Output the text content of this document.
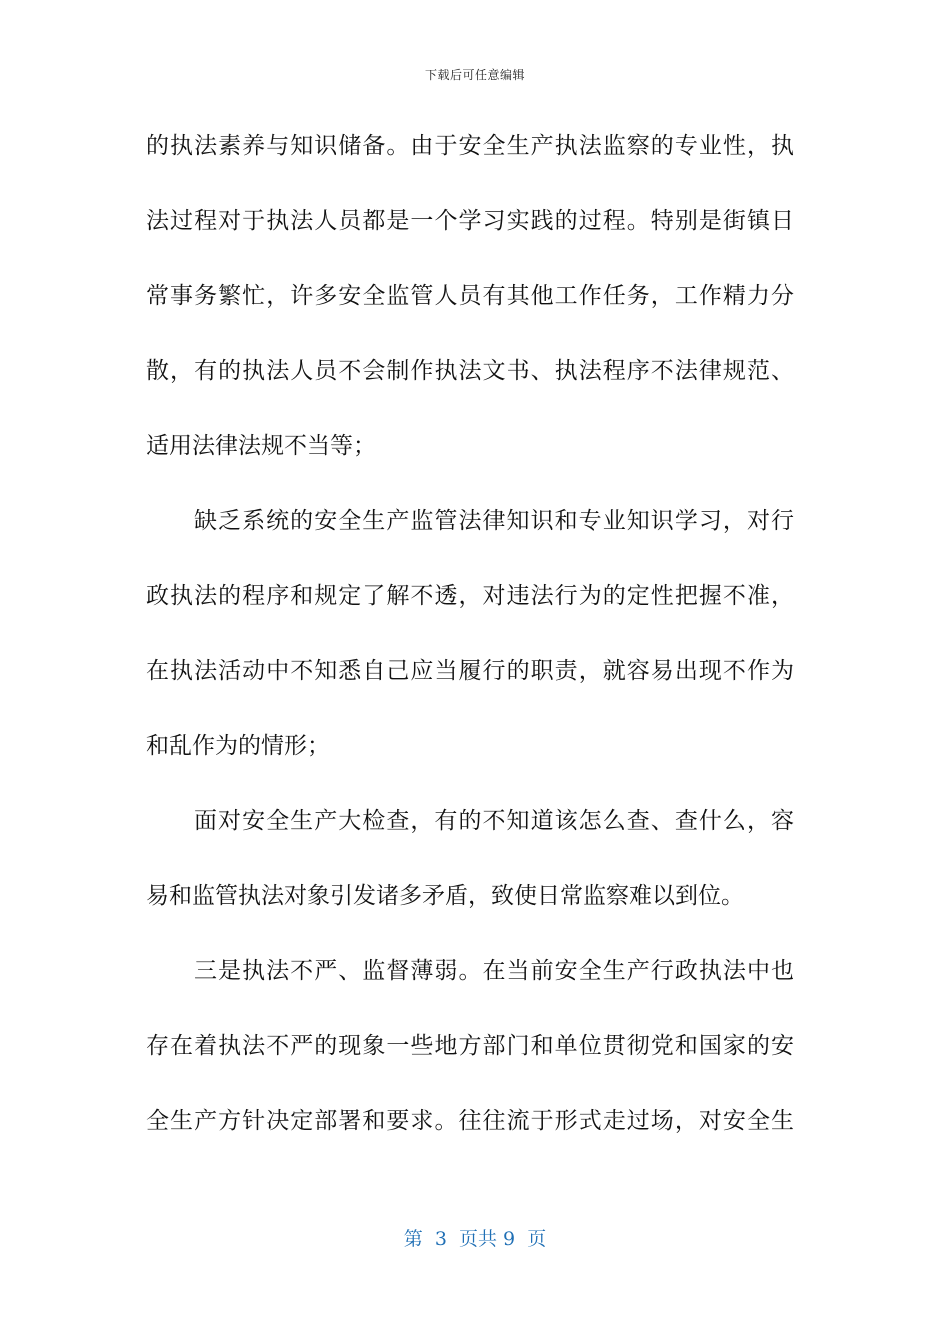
下载后可任意编辑
的执法素养与知识储备。由于安全生产执法监察的专业性，执
法过程对于执法人员都是一个学习实践的过程。特别是街镇日
常事务繁忙，许多安全监管人员有其他工作任务，工作精力分
散，有的执法人员不会制作执法文书、执法程序不法律规范、
适用法律法规不当等；
缺乏系统的安全生产监管法律知识和专业知识学习，对行
政执法的程序和规定了解不透，对违法行为的定性把握不准，
在执法活动中不知悉自己应当履行的职责，就容易出现不作为
和乱作为的情形；
面对安全生产大检查，有的不知道该怎么查、查什么，容
易和监管执法对象引发诸多矛盾，致使日常监察难以到位。
三是执法不严、监督薄弱。在当前安全生产行政执法中也
存在着执法不严的现象一些地方部门和单位贯彻党和国家的安
全生产方针决定部署和要求。往往流于形式走过场，对安全生
第  3  页共 9  页
